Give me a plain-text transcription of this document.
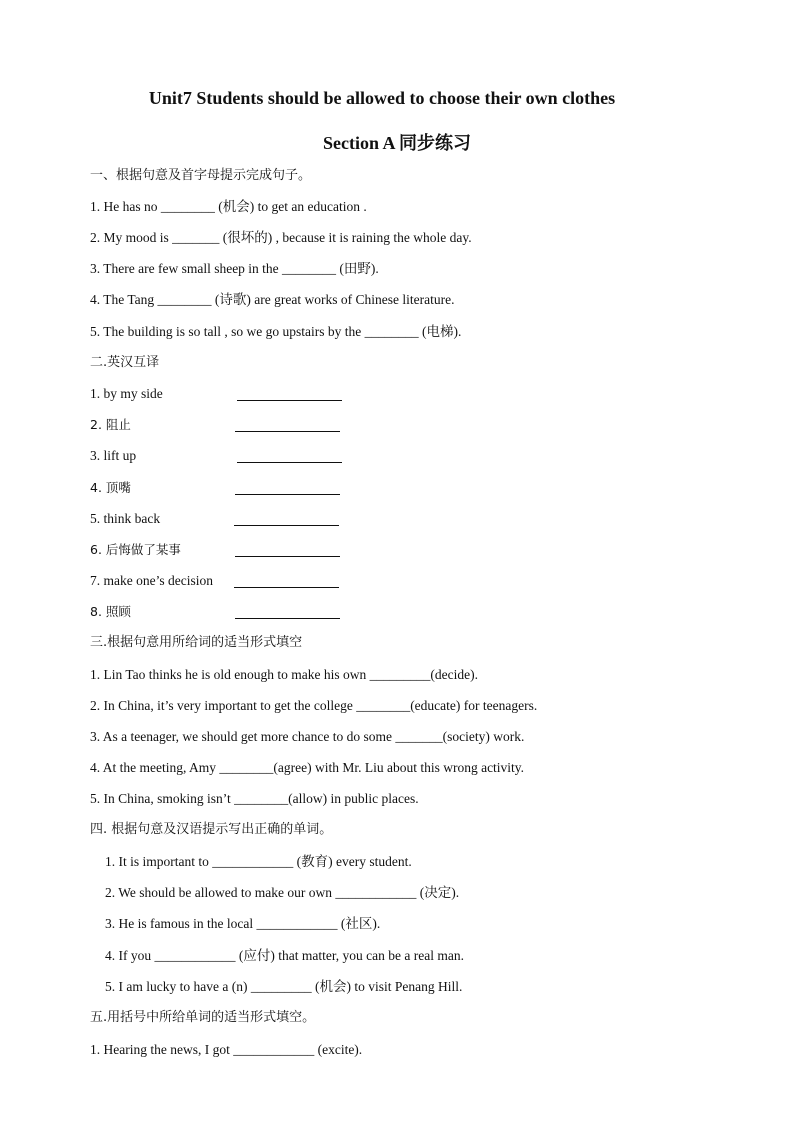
Unit7 Students should be allowed to choose their own clothes
Section A 同步练习
一、根据句意及首字母提示完成句子。
1. He has no ________ (机会) to get an education .
2. My mood is _______ (很坏的) , because it is raining the whole day.
3. There are few small sheep in the ________ (田野).
4. The Tang ________ (诗歌) are great works of Chinese literature.
5. The building is so tall , so we go upstairs by the ________ (电梯).
二.英汉互译
1. by my side
2. 阻止
3. lift up
4. 顶嘴
5. think back
6. 后悔做了某事
7. make one’s decision
8. 照顾
三.根据句意用所给词的适当形式填空
1. Lin Tao thinks he is old enough to make his own _________(decide).
2. In China, it’s very important to get the college ________(educate) for teenagers.
3. As a teenager, we should get more chance to do some _______(society) work.
4. At the meeting, Amy ________(agree) with Mr. Liu about this wrong activity.
5. In China, smoking isn’t ________(allow) in public places.
四. 根据句意及汉语提示写出正确的单词。
1. It is important to ____________ (教育) every student.
2. We should be allowed to make our own ____________ (决定).
3. He is famous in the local ____________ (社区).
4. If you ____________ (应付) that matter, you can be a real man.
5. I am lucky to have a (n) _________ (机会) to visit Penang Hill.
五.用括号中所给单词的适当形式填空。
1. Hearing the news, I got ____________ (excite).
